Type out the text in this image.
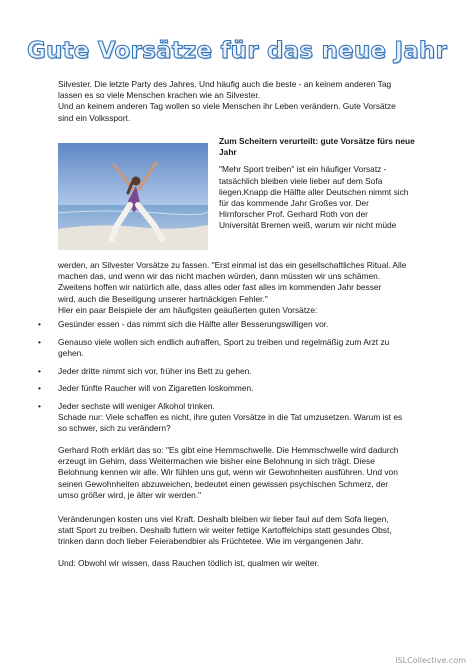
Gute Vorsätze für das neue Jahr

Silvester. Die letzte Party des Jahres. Und häufig auch die beste - an keinem anderen Tag

lassen es so viele Menschen krachen wie an Silvester.

Und an keinem anderen Tag wollen so viele Menschen ihr Leben verändern. Gute Vorsätze

sind ein Volkssport.

Zum Scheitern verurteilt: gute Vorsätze fürs neue

Jahr

"Mehr Sport treiben" ist ein häufiger Vorsatz -

tatsächlich bleiben viele lieber auf dem Sofa

liegen.Knapp die Hälfte aller Deutschen nimmt sich

für das kommende Jahr Großes vor. Der

Hirnforscher Prof. Gerhard Roth von der

Universität Bremen weiß, warum wir nicht müde

werden, an Silvester Vorsätze zu fassen. "Erst einmal ist das ein gesellschaftliches Ritual. Alle

machen das, und wenn wir das nicht machen würden, dann müssten wir uns schämen.

Zweitens hoffen wir natürlich alle, dass alles oder fast alles im kommenden Jahr besser

wird, auch die Beseitigung unserer hartnäckigen Fehler."

Hier ein paar Beispiele der am häufigsten geäußerten guten Vorsätze:

• Gesünder essen - das nimmt sich die Hälfte aller Besserungswilligen vor.
• Genauso viele wollen sich endlich aufraffen, Sport zu treiben und regelmäßig zum Arzt zu
gehen.
• Jeder dritte nimmt sich vor, früher ins Bett zu gehen.
• Jeder fünfte Raucher will von Zigaretten loskommen.
• Jeder sechste will weniger Alkohol trinken.

Schade nur: Viele schaffen es nicht, ihre guten Vorsätze in die Tat umzusetzen. Warum ist es

so schwer, sich zu verändern?

Gerhard Roth erklärt das so: "Es gibt eine Hemmschwelle. Die Hemmschwelle wird dadurch

erzeugt im Gehirn, dass Weitermachen wie bisher eine Belohnung in sich trägt. Diese

Belohnung kennen wir alle. Wir fühlen uns gut, wenn wir Gewohnheiten ausführen. Und von

seinen Gewohnheiten abzuweichen, bedeutet einen gewissen psychischen Schmerz, der

umso größer wird, je älter wir werden."

Veränderungen kosten uns viel Kraft. Deshalb bleiben wir lieber faul auf dem Sofa liegen,

statt Sport zu treiben. Deshalb futtern wir weiter fettige Kartoffelchips statt gesundes Obst,

trinken dann doch lieber Feierabendbier als Früchtetee. Wie im vergangenen Jahr.

Und: Obwohl wir wissen, dass Rauchen tödlich ist, qualmen wir weiter.

ISLCollective.com
